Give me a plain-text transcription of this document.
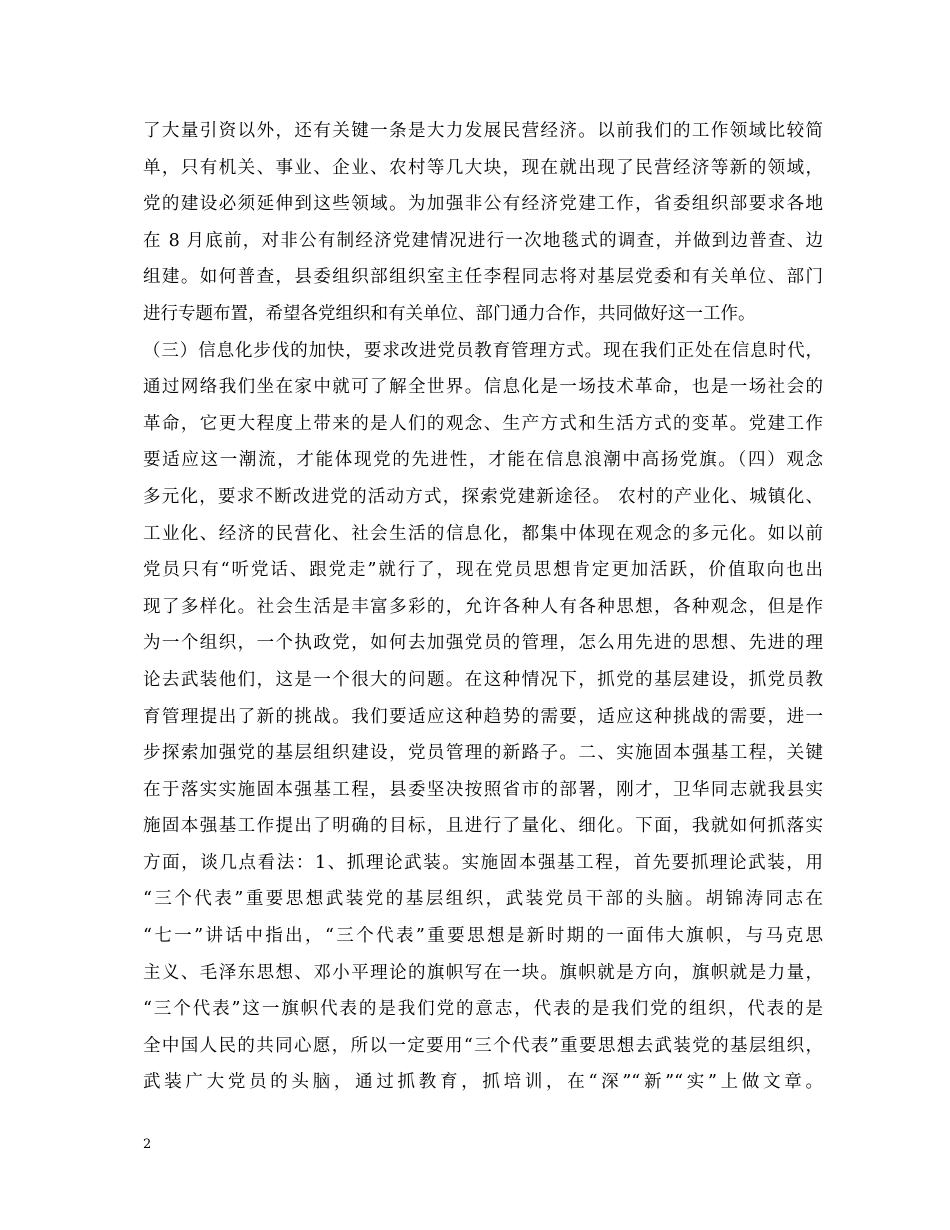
了大量引资以外，还有关键一条是大力发展民营经济。以前我们的工作领域比较简
单，只有机关、事业、企业、农村等几大块，现在就出现了民营经济等新的领域，
党的建设必须延伸到这些领域。为加强非公有经济党建工作，省委组织部要求各地
在 8 月底前，对非公有制经济党建情况进行一次地毯式的调查，并做到边普查、边
组建。如何普查，县委组织部组织室主任李程同志将对基层党委和有关单位、部门
进行专题布置，希望各党组织和有关单位、部门通力合作，共同做好这一工作。
（三）信息化步伐的加快，要求改进党员教育管理方式。现在我们正处在信息时代，
通过网络我们坐在家中就可了解全世界。信息化是一场技术革命，也是一场社会的
革命，它更大程度上带来的是人们的观念、生产方式和生活方式的变革。党建工作
要适应这一潮流，才能体现党的先进性，才能在信息浪潮中高扬党旗。（四）观念
多元化，要求不断改进党的活动方式，探索党建新途径。 农村的产业化、城镇化、
工业化、经济的民营化、社会生活的信息化，都集中体现在观念的多元化。如以前
党员只有“听党话、跟党走”就行了，现在党员思想肯定更加活跃，价值取向也出
现了多样化。社会生活是丰富多彩的，允许各种人有各种思想，各种观念，但是作
为一个组织，一个执政党，如何去加强党员的管理，怎么用先进的思想、先进的理
论去武装他们，这是一个很大的问题。在这种情况下，抓党的基层建设，抓党员教
育管理提出了新的挑战。我们要适应这种趋势的需要，适应这种挑战的需要，进一
步探索加强党的基层组织建设，党员管理的新路子。二、实施固本强基工程，关键
在于落实实施固本强基工程，县委坚决按照省市的部署，刚才，卫华同志就我县实
施固本强基工作提出了明确的目标，且进行了量化、细化。下面，我就如何抓落实
方面，谈几点看法：1、抓理论武装。实施固本强基工程，首先要抓理论武装，用
“三个代表”重要思想武装党的基层组织，武装党员干部的头脑。胡锦涛同志在
“七一”讲话中指出，“三个代表”重要思想是新时期的一面伟大旗帜，与马克思
主义、毛泽东思想、邓小平理论的旗帜写在一块。旗帜就是方向，旗帜就是力量，
“三个代表”这一旗帜代表的是我们党的意志，代表的是我们党的组织，代表的是
全中国人民的共同心愿，所以一定要用“三个代表”重要思想去武装党的基层组织，
武装广大党员的头脑，通过抓教育，抓培训，在“深”“新”“实”上做文章。
2
